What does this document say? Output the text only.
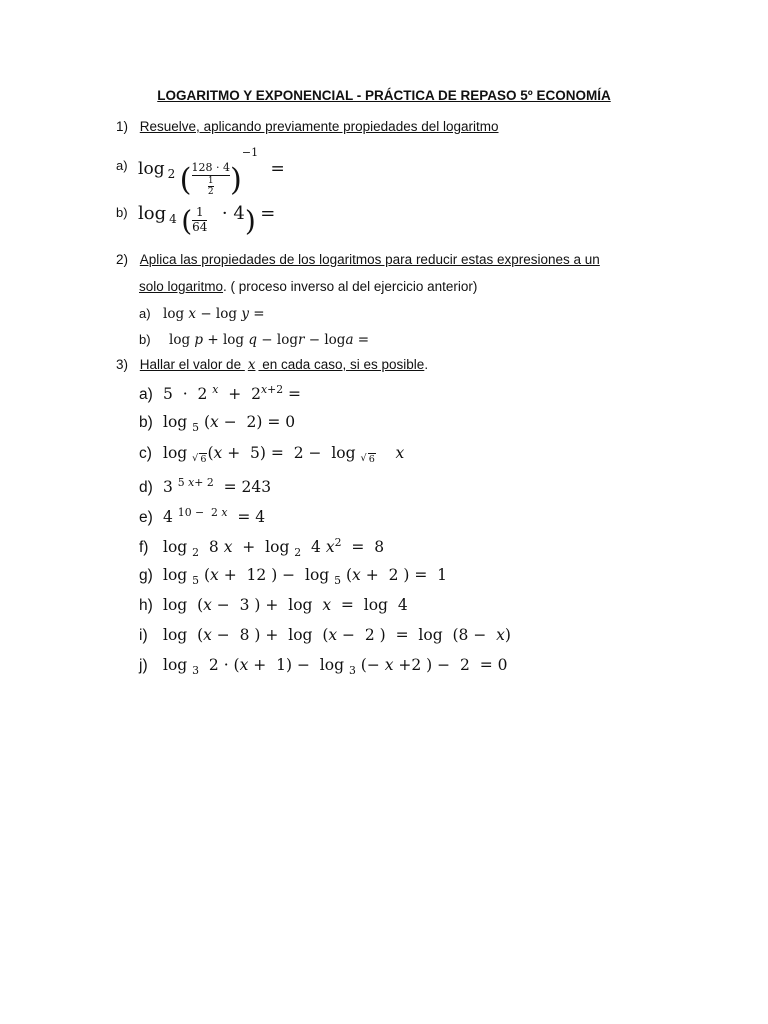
LOGARITMO Y EXPONENCIAL - PRÁCTICA DE REPASO 5º ECONOMÍA
1) Resuelve, aplicando previamente propiedades del logaritmo
$^{a)}$ log $^2$ ( $\frac{128 \cdot 4}{\frac{1}{2}} )^{-1}$ =
$^{b)}$ log 4 ( $\frac{1}{64} \cdot 4$) =
2) Aplica las propiedades de los logaritmos para reducir estas expresiones a un
solo logaritmo. ( proceso inverso al del ejercicio anterior)
a) log x − log y =
b) log p + log q − logr − loga =
3) Hallar el valor de x en cada caso, si es posible.
a) 5  ·  2 $^x + 2^{x+2}$ =
b) log $_5$ (x −  2) = 0
c) log √ 6(x +  5) =  2 −  log √ 6 x
d) 3 $^{5 x+ 2}$  = 243
e) 4 $^{10 - 2 x}$  = 4
f) log $_2$  8 x  +  log $_2$  4 $x^2 = 8$
g) log $_5$ (x +  12 ) −  log $_5$ (x +  2 ) =  1
h) log  (x −  3 ) +  log  x  =  log  4
i) log  (x −  8 ) +  log  (x −  2 )  =  log  (8 −  x)
j) log $_3$  2 · (x +  1) −  log $_3$ (− x +2 ) −  2  = 0
